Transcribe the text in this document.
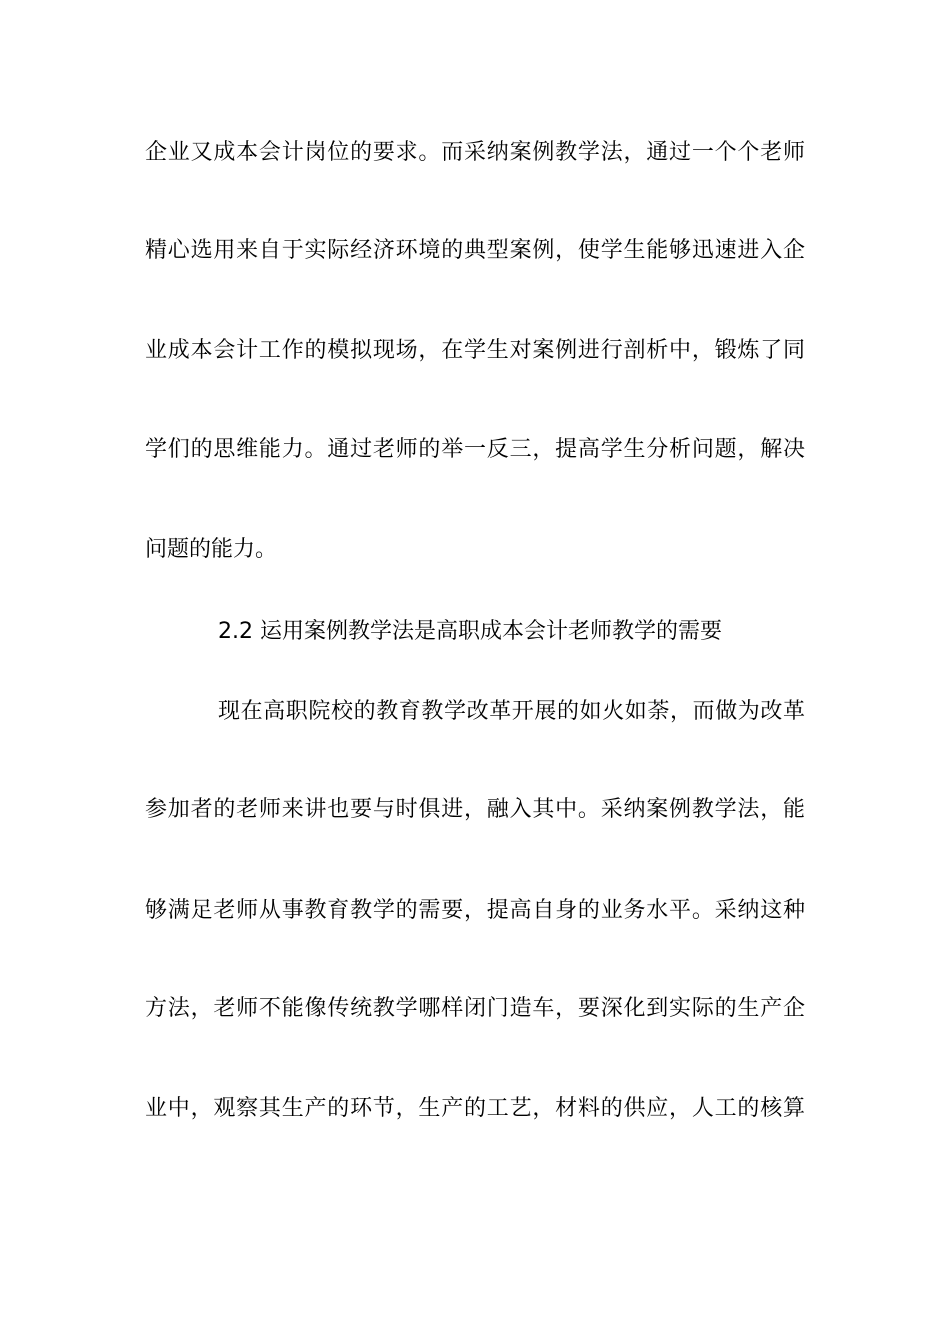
企业又成本会计岗位的要求。而采纳案例教学法，通过一个个老师
精心选用来自于实际经济环境的典型案例，使学生能够迅速进入企
业成本会计工作的模拟现场，在学生对案例进行剖析中，锻炼了同
学们的思维能力。通过老师的举一反三，提高学生分析问题，解决
问题的能力。
2.2 运用案例教学法是高职成本会计老师教学的需要
现在高职院校的教育教学改革开展的如火如荼，而做为改革
参加者的老师来讲也要与时俱进，融入其中。采纳案例教学法，能
够满足老师从事教育教学的需要，提高自身的业务水平。采纳这种
方法，老师不能像传统教学哪样闭门造车，要深化到实际的生产企
业中，观察其生产的环节，生产的工艺，材料的供应，人工的核算
